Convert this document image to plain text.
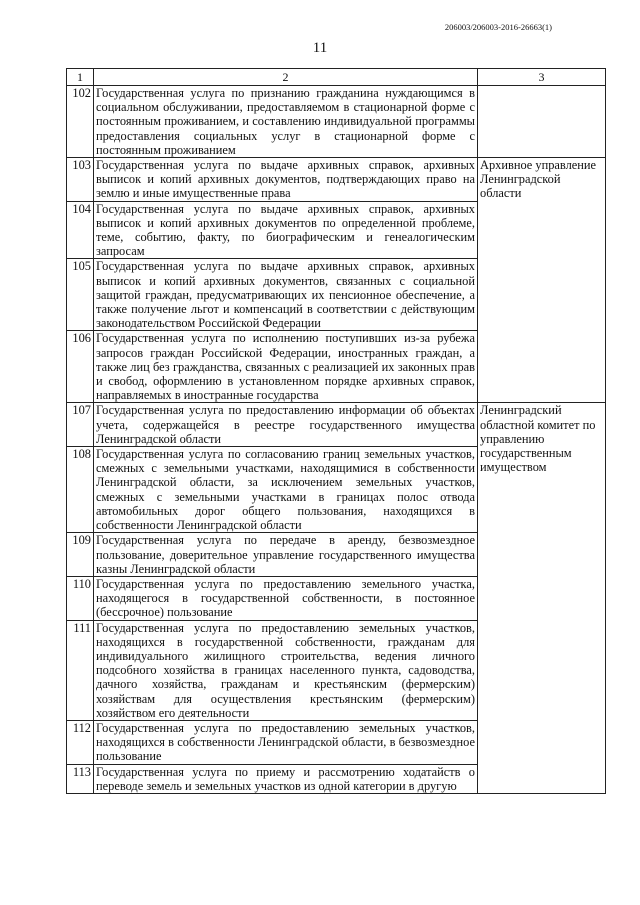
206003/206003-2016-26663(1)
11
1	2	3
102	Государственная услуга по признанию гражданина нуждающимся в социальном обслуживании, предоставляемом в стационарной форме с постоянным проживанием, и составлению индивидуальной программы предоставления социальных услуг в стационарной форме с постоянным проживанием	
103	Государственная услуга по выдаче архивных справок, архивных выписок и копий архивных документов, подтверждающих право на землю и иные имущественные права	Архивное управление Ленинградской области
104	Государственная услуга по выдаче архивных справок, архивных выписок и копий архивных документов по определенной проблеме, теме, событию, факту, по биографическим и генеалогическим запросам	
105	Государственная услуга по выдаче архивных справок, архивных выписок и копий архивных документов, связанных с социальной защитой граждан, предусматривающих их пенсионное обеспечение, а также получение льгот и компенсаций в соответствии с действующим законодательством Российской Федерации	
106	Государственная услуга по исполнению поступивших из-за рубежа запросов граждан Российской Федерации, иностранных граждан, а также лиц без гражданства, связанных с реализацией их законных прав и свобод, оформлению в установленном порядке архивных справок, направляемых в иностранные государства	
107	Государственная услуга по предоставлению информации об объектах учета, содержащейся в реестре государственного имущества Ленинградской области	Ленинградский областной комитет по управлению государственным имуществом
108	Государственная услуга по согласованию границ земельных участков, смежных с земельными участками, находящимися в собственности Ленинградской области, за исключением земельных участков, смежных с земельными участками в границах полос отвода автомобильных дорог общего пользования, находящихся в собственности Ленинградской области	
109	Государственная услуга по передаче в аренду, безвозмездное пользование, доверительное управление государственного имущества казны Ленинградской области	
110	Государственная услуга по предоставлению земельного участка, находящегося в государственной собственности, в постоянное (бессрочное) пользование	
111	Государственная услуга по предоставлению земельных участков, находящихся в государственной собственности, гражданам для индивидуального жилищного строительства, ведения личного подсобного хозяйства в границах населенного пункта, садоводства, дачного хозяйства, гражданам и крестьянским (фермерским) хозяйствам для осуществления крестьянским (фермерским) хозяйством его деятельности	
112	Государственная услуга по предоставлению земельных участков, находящихся в собственности Ленинградской области, в безвозмездное пользование	
113	Государственная услуга по приему и рассмотрению ходатайств о переводе земель и земельных участков из одной категории в другую	
